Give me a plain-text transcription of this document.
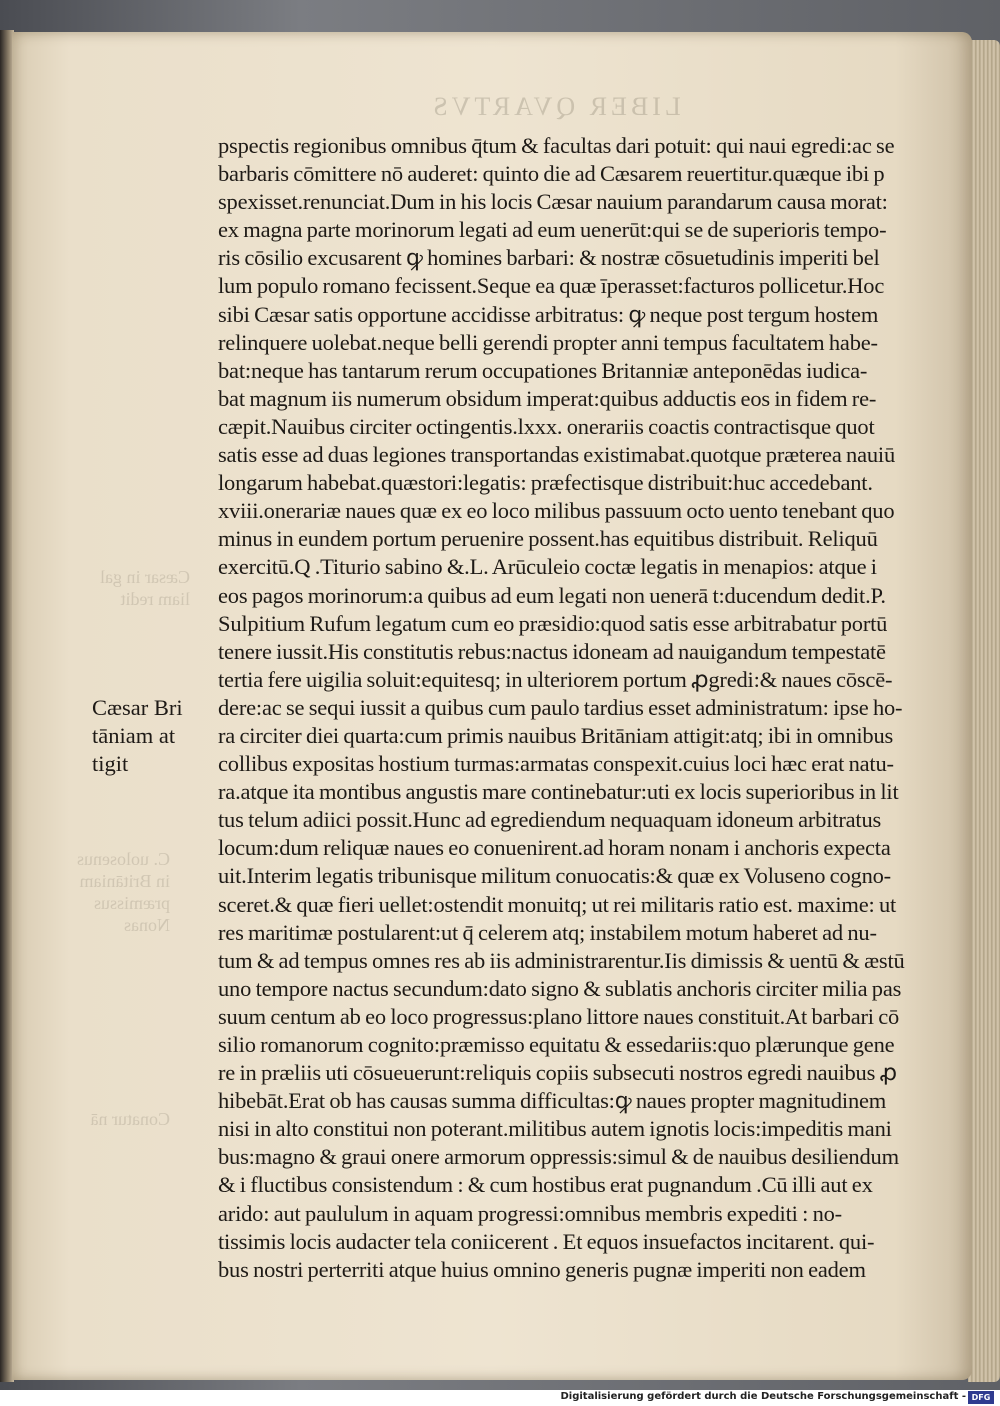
LIBER QVARTVS
Cæsar in gal
liam redit
C. uolosenus
in Britāniam
præmissus
Nonas
Conatur nā
Cæsar Bri
tāniam at
tigit
pspectis regionibus omnibus q̄tum & facultas dari potuit: qui naui egredi:ac se
barbaris cōmittere nō auderet: quinto die ad Cæsarem reuertitur.quæque ibi p
spexisset.renunciat.Dum in his locis Cæsar nauium parandarum causa morat:
ex magna parte morinorum legati ad eum uenerūt:qui se de superioris tempo-
ris cōsilio excusarent ꝙ homines barbari: & nostræ cōsuetudinis imperiti bel
lum populo romano fecissent.Seque ea quæ īperasset:facturos pollicetur.Hoc
sibi Cæsar satis opportune accidisse arbitratus: ꝙ neque post tergum hostem
relinquere uolebat.neque belli gerendi propter anni tempus facultatem habe-
bat:neque has tantarum rerum occupationes Britanniæ anteponēdas iudica-
bat magnum iis numerum obsidum imperat:quibus adductis eos in fidem re-
cæpit.Nauibus circiter octingentis.lxxx. onerariis coactis contractisque quot
satis esse ad duas legiones transportandas existimabat.quotque præterea nauiū
longarum habebat.quæstori:legatis: præfectisque distribuit:huc accedebant.
xviii.onerariæ naues quæ ex eo loco milibus passuum octo uento tenebant quo
minus in eundem portum peruenire possent.has equitibus distribuit. Reliquū
exercitū.Q .Titurio sabino &.L. Arūculeio coctæ legatis in menapios: atque i
eos pagos morinorum:a quibus ad eum legati non uenerā t:ducendum dedit.P.
Sulpitium Rufum legatum cum eo præsidio:quod satis esse arbitrabatur portū
tenere iussit.His constitutis rebus:nactus idoneam ad nauigandum tempestatē
tertia fere uigilia soluit:equitesq; in ulteriorem portum ꝓgredi:& naues cōscē-
dere:ac se sequi iussit a quibus cum paulo tardius esset administratum: ipse ho-
ra circiter diei quarta:cum primis nauibus Britāniam attigit:atq; ibi in omnibus
collibus expositas hostium turmas:armatas conspexit.cuius loci hæc erat natu-
ra.atque ita montibus angustis mare continebatur:uti ex locis superioribus in lit
tus telum adiici possit.Hunc ad egrediendum nequaquam idoneum arbitratus
locum:dum reliquæ naues eo conuenirent.ad horam nonam i anchoris expecta
uit.Interim legatis tribunisque militum conuocatis:& quæ ex Voluseno cogno-
sceret.& quæ fieri uellet:ostendit monuitq; ut rei militaris ratio est. maxime: ut
res maritimæ postularent:ut q̄ celerem atq; instabilem motum haberet ad nu-
tum & ad tempus omnes res ab iis administrarentur.Iis dimissis & uentū & æstū
uno tempore nactus secundum:dato signo & sublatis anchoris circiter milia pas
suum centum ab eo loco progressus:plano littore naues constituit.At barbari cō
silio romanorum cognito:præmisso equitatu & essedariis:quo plærunque gene
re in præliis uti cōsueuerunt:reliquis copiis subsecuti nostros egredi nauibus ꝓ
hibebāt.Erat ob has causas summa difficultas:ꝙ naues propter magnitudinem
nisi in alto constitui non poterant.militibus autem ignotis locis:impeditis mani
bus:magno & graui onere armorum oppressis:simul & de nauibus desiliendum
& i fluctibus consistendum : & cum hostibus erat pugnandum .Cū illi aut ex
arido: aut paululum in aquam progressi:omnibus membris expediti : no-
tissimis locis audacter tela coniicerent . Et equos insuefactos incitarent. qui-
bus nostri perterriti atque huius omnino generis pugnæ imperiti non eadem
Digitalisierung gefördert durch die Deutsche Forschungsgemeinschaft - DFG
